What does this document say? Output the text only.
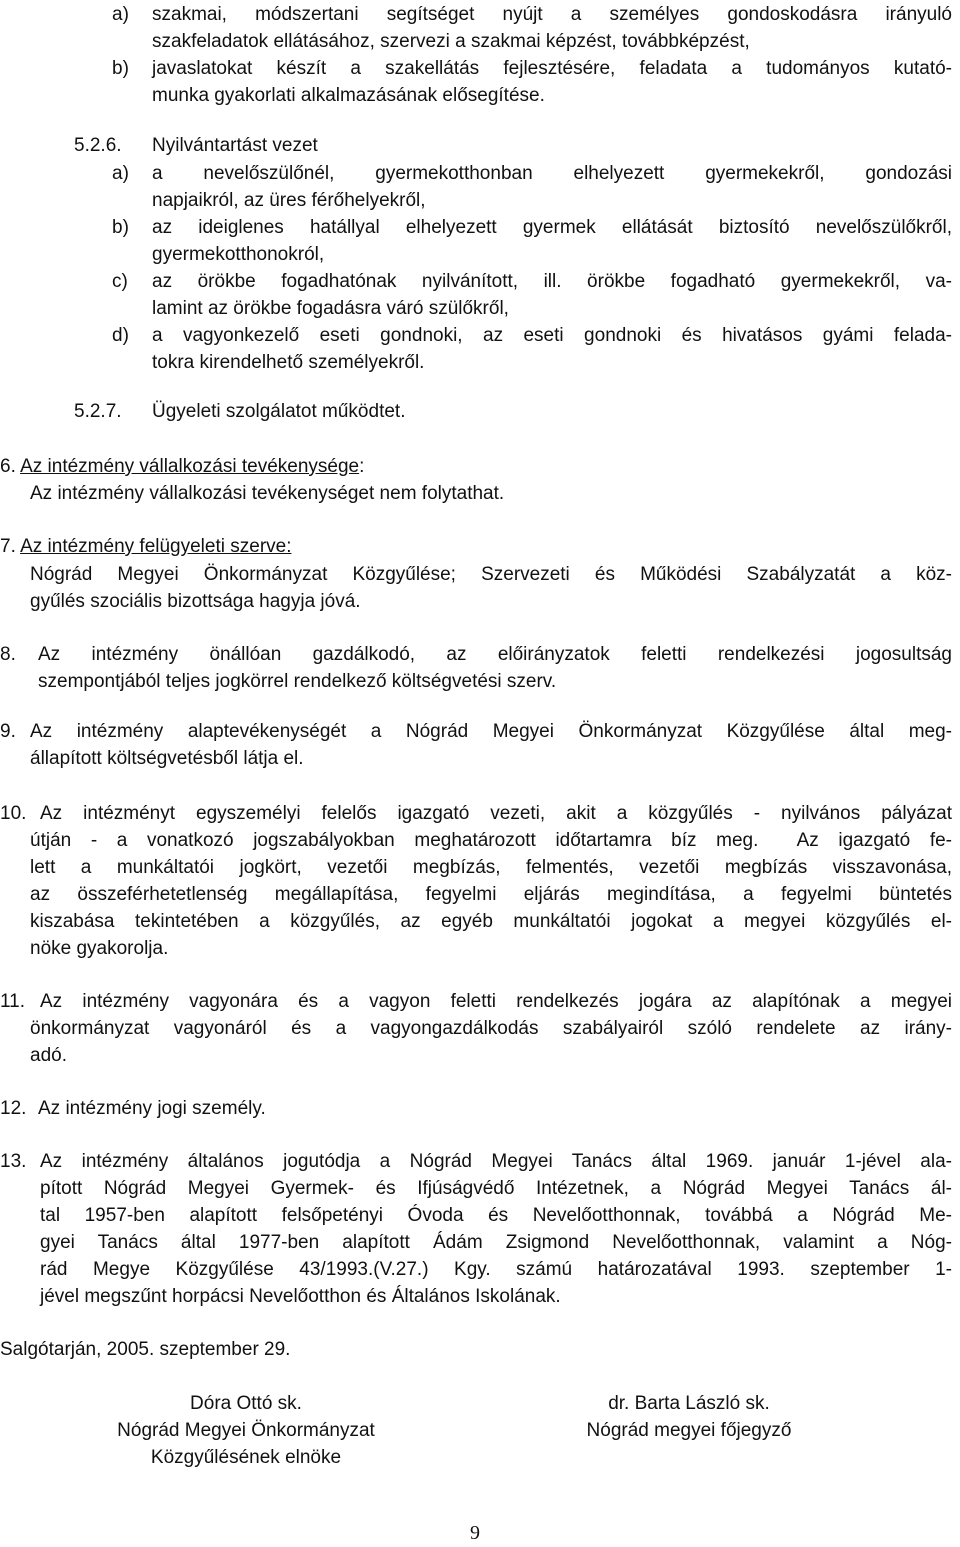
a) szakmai, módszertani segítséget nyújt a személyes gondoskodásra irányuló
szakfeladatok ellátásához, szervezi a szakmai képzést, továbbképzést,
b) javaslatokat készít a szakellátás fejlesztésére, feladata a tudományos kutató-
munka gyakorlati alkalmazásának elősegítése.
5.2.6. Nyilvántartást vezet
a) a nevelőszülőnél, gyermekotthonban elhelyezett gyermekekről, gondozási
napjaikról, az üres férőhelyekről,
b) az ideiglenes hatállyal elhelyezett gyermek ellátását biztosító nevelőszülőkről,
gyermekotthonokról,
c) az örökbe fogadhatónak nyilvánított, ill. örökbe fogadható gyermekekről, va-
lamint az örökbe fogadásra váró szülőkről,
d) a vagyonkezelő eseti gondnoki, az eseti gondnoki és hivatásos gyámi felada-
tokra kirendelhető személyekről.
5.2.7. Ügyeleti szolgálatot működtet.
6. Az intézmény vállalkozási tevékenysége:
Az intézmény vállalkozási tevékenységet nem folytathat.
7. Az intézmény felügyeleti szerve:
Nógrád Megyei Önkormányzat Közgyűlése; Szervezeti és Működési Szabályzatát a köz-
gyűlés szociális bizottsága hagyja jóvá.
8. Az intézmény önállóan gazdálkodó, az előirányzatok feletti rendelkezési jogosultság
szempontjából teljes jogkörrel rendelkező költségvetési szerv.
9. Az intézmény alaptevékenységét a Nógrád Megyei Önkormányzat Közgyűlése által meg-
állapított költségvetésből látja el.
10. Az intézményt egyszemélyi felelős igazgató vezeti, akit a közgyűlés - nyilvános pályázat
útján - a vonatkozó jogszabályokban meghatározott időtartamra bíz meg.  Az igazgató fe-
lett a munkáltatói jogkört, vezetői megbízás, felmentés, vezetői megbízás visszavonása,
az összeférhetetlenség megállapítása, fegyelmi eljárás megindítása, a fegyelmi büntetés
kiszabása tekintetében a közgyűlés, az egyéb munkáltatói jogokat a megyei közgyűlés el-
nöke gyakorolja.
11. Az intézmény vagyonára és a vagyon feletti rendelkezés jogára az alapítónak a megyei
önkormányzat vagyonáról és a vagyongazdálkodás szabályairól szóló rendelete az irány-
adó.
12. Az intézmény jogi személy.
13. Az intézmény általános jogutódja a Nógrád Megyei Tanács által 1969. január 1-jével ala-
pított Nógrád Megyei Gyermek- és Ifjúságvédő Intézetnek, a Nógrád Megyei Tanács ál-
tal 1957-ben alapított felsőpetényi Óvoda és Nevelőotthonnak, továbbá a Nógrád Me-
gyei Tanács által 1977-ben alapított Ádám Zsigmond Nevelőotthonnak, valamint a Nóg-
rád Megye Közgyűlése 43/1993.(V.27.) Kgy. számú határozatával 1993. szeptember 1-
jével megszűnt horpácsi Nevelőotthon és Általános Iskolának.
Salgótarján, 2005. szeptember 29.
Dóra Ottó sk.
Nógrád Megyei Önkormányzat
Közgyűlésének elnöke
dr. Barta László sk.
Nógrád megyei főjegyző
9
